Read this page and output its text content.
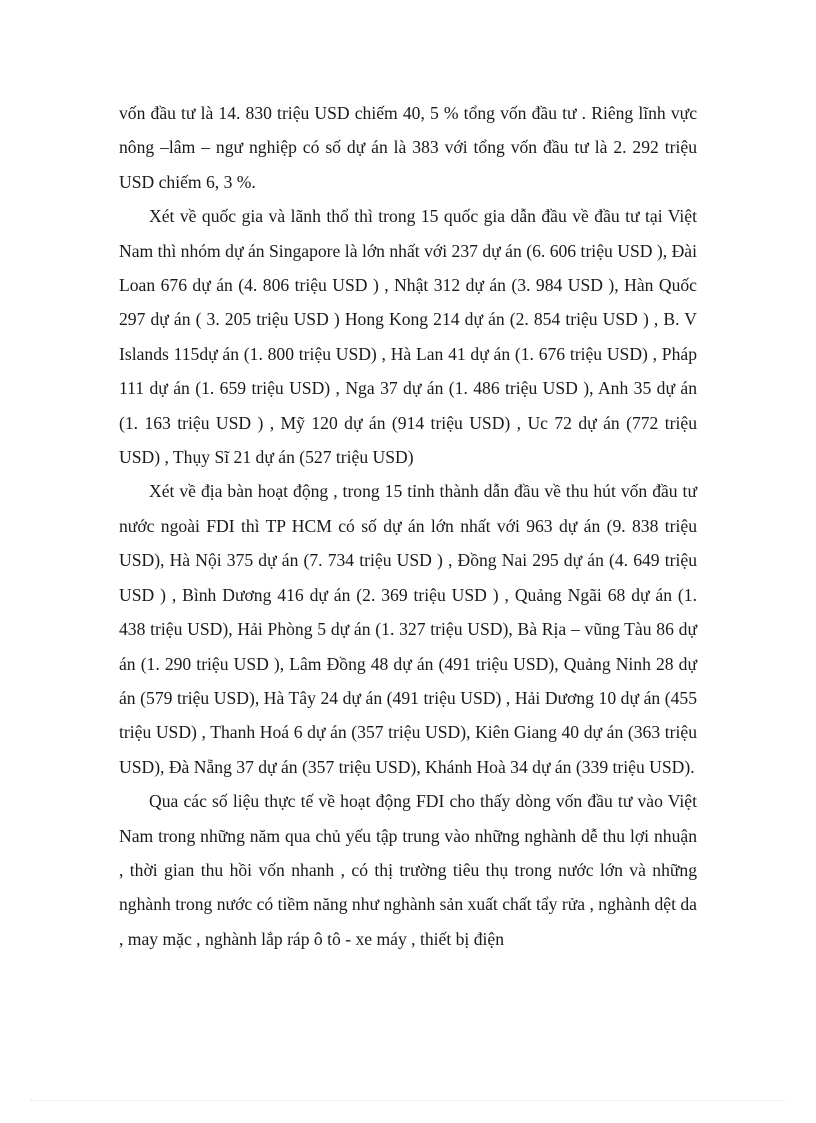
vốn đầu tư là 14. 830 triệu USD chiếm 40, 5 % tổng vốn đầu tư . Riêng lĩnh vực nông –lâm – ngư nghiệp có số dự án là 383 với tổng vốn đầu tư là 2. 292 triệu USD chiếm 6, 3 %.

Xét về quốc gia và lãnh thổ thì trong 15 quốc gia dẫn đầu về đầu tư tại Việt Nam thì nhóm dự án Singapore là lớn nhất với 237 dự án (6. 606 triệu USD ), Đài Loan 676 dự án (4. 806 triệu USD ) , Nhật 312 dự án (3. 984 USD ), Hàn Quốc 297 dự án ( 3. 205 triệu USD ) Hong Kong 214 dự án (2. 854 triệu USD ) , B. V Islands 115dự án (1. 800 triệu USD) , Hà Lan 41 dự án (1. 676 triệu USD) , Pháp 111 dự án (1. 659 triệu USD) , Nga 37 dự án (1. 486 triệu USD ), Anh 35 dự án (1. 163 triệu USD ) , Mỹ 120 dự án (914 triệu USD) , Uc 72 dự án (772 triệu USD) , Thụy Sĩ 21 dự án (527 triệu USD)

Xét về địa bàn hoạt động , trong 15 tỉnh thành dẫn đầu về thu hút vốn đầu tư nước ngoài FDI thì TP HCM có số dự án lớn nhất với 963 dự án (9. 838 triệu USD), Hà Nội 375 dự án (7. 734 triệu USD ) , Đồng Nai 295 dự án (4. 649 triệu USD ) , Bình Dương 416 dự án (2. 369 triệu USD ) , Quảng Ngãi 68 dự án (1. 438 triệu USD), Hải Phòng 5 dự án (1. 327 triệu USD), Bà Rịa – vũng Tàu 86 dự án (1. 290 triệu USD ), Lâm Đồng 48 dự án (491 triệu USD), Quảng Ninh 28 dự án (579 triệu USD), Hà Tây 24 dự án (491 triệu USD) , Hải Dương 10 dự án (455 triệu USD) , Thanh Hoá 6 dự án (357 triệu USD), Kiên Giang 40 dự án (363 triệu USD), Đà Nẵng 37 dự án (357 triệu USD), Khánh Hoà 34 dự án (339 triệu USD).

Qua các số liệu thực tế về hoạt động FDI cho thấy dòng vốn đầu tư vào Việt Nam trong những năm qua chủ yếu tập trung vào những nghành dễ thu lợi nhuận , thời gian thu hồi vốn nhanh , có thị trường tiêu thụ trong nước lớn và những nghành trong nước có tiềm năng như nghành sản xuất chất tẩy rửa , nghành dệt da , may mặc , nghành lắp ráp ô tô - xe máy , thiết bị điện
